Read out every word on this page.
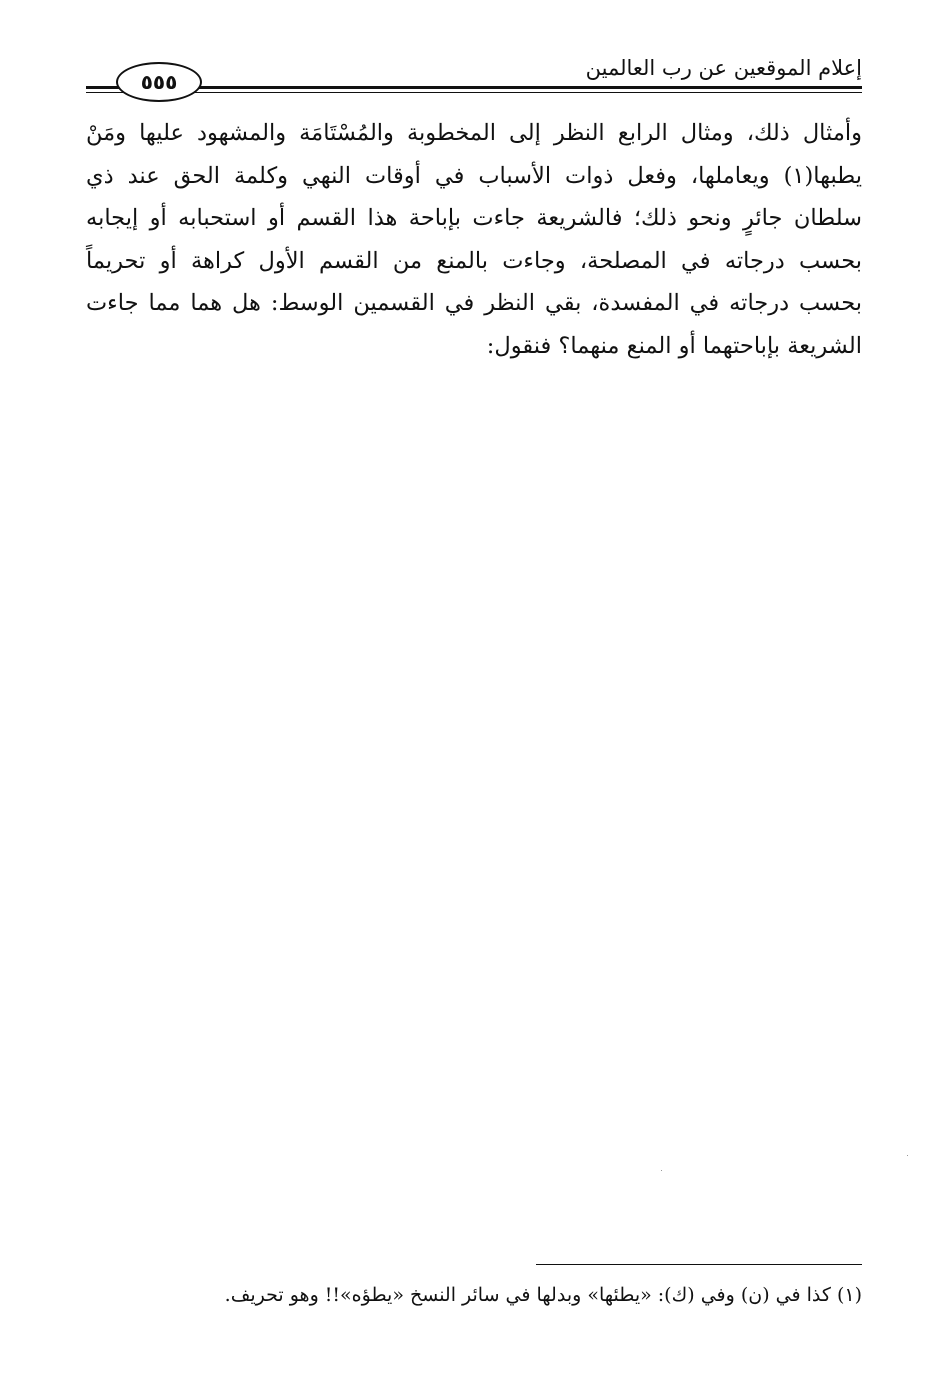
إعلام الموقعين عن رب العالمين
٥٥٥
وأمثال ذلك، ومثال الرابع النظر إلى المخطوبة والمُسْتَامَة والمشهود عليها ومَنْ
يطبها(١) ويعاملها، وفعل ذوات الأسباب في أوقات النهي وكلمة الحق عند ذي
سلطان جائرٍ ونحو ذلك؛ فالشريعة جاءت بإباحة هذا القسم أو استحبابه أو إيجابه
بحسب درجاته في المصلحة، وجاءت بالمنع من القسم الأول كراهة أو تحريماً
بحسب درجاته في المفسدة، بقي النظر في القسمين الوسط: هل هما مما جاءت
الشريعة بإباحتهما أو المنع منهما؟ فنقول:
(١) كذا في (ن) وفي (ك): «يطئها» وبدلها في سائر النسخ «يطؤه»!! وهو تحريف.
